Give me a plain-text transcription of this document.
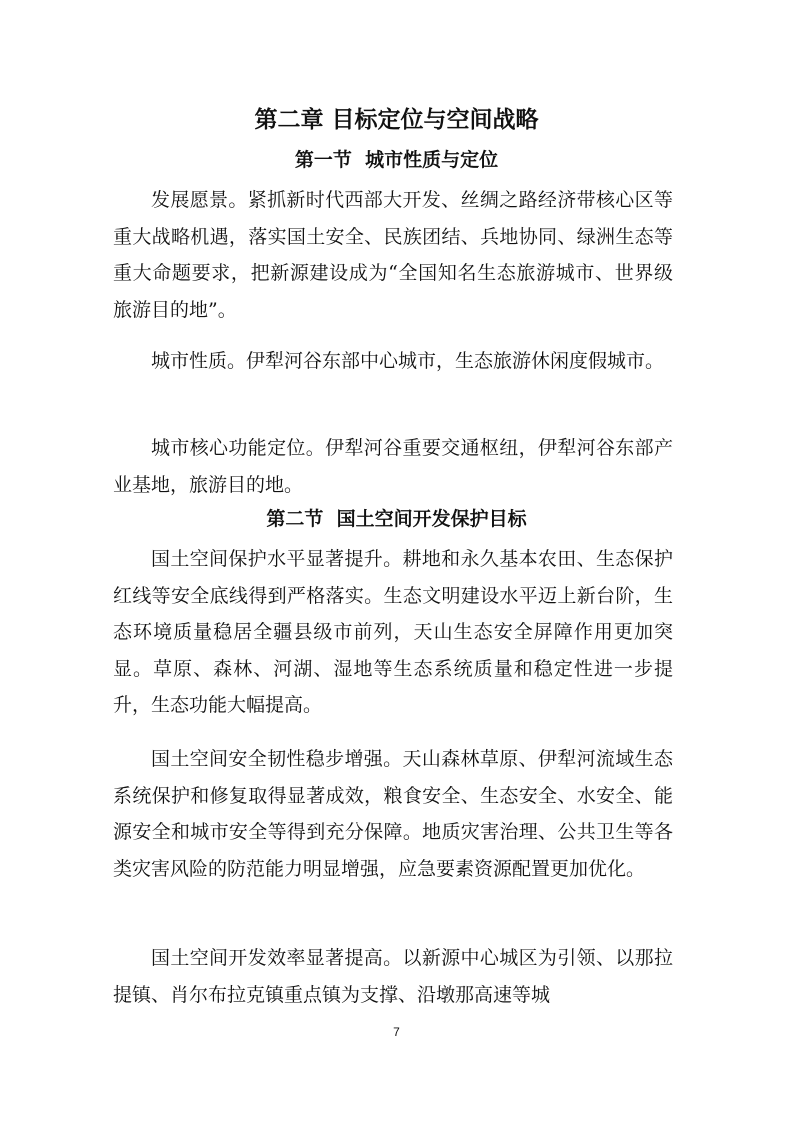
第二章 目标定位与空间战略
第一节  城市性质与定位

发展愿景。紧抓新时代西部大开发、丝绸之路经济带核心区等重大战略机遇，落实国土安全、民族团结、兵地协同、绿洲生态等重大命题要求，把新源建设成为“全国知名生态旅游城市、世界级旅游目的地”。

城市性质。伊犁河谷东部中心城市，生态旅游休闲度假城市。

城市核心功能定位。伊犁河谷重要交通枢纽，伊犁河谷东部产业基地，旅游目的地。

第二节  国土空间开发保护目标

国土空间保护水平显著提升。耕地和永久基本农田、生态保护红线等安全底线得到严格落实。生态文明建设水平迈上新台阶，生态环境质量稳居全疆县级市前列，天山生态安全屏障作用更加突显。草原、森林、河湖、湿地等生态系统质量和稳定性进一步提升，生态功能大幅提高。

国土空间安全韧性稳步增强。天山森林草原、伊犁河流域生态系统保护和修复取得显著成效，粮食安全、生态安全、水安全、能源安全和城市安全等得到充分保障。地质灾害治理、公共卫生等各类灾害风险的防范能力明显增强，应急要素资源配置更加优化。

国土空间开发效率显著提高。以新源中心城区为引领、以那拉提镇、肖尔布拉克镇重点镇为支撑、沿墩那高速等城

7
